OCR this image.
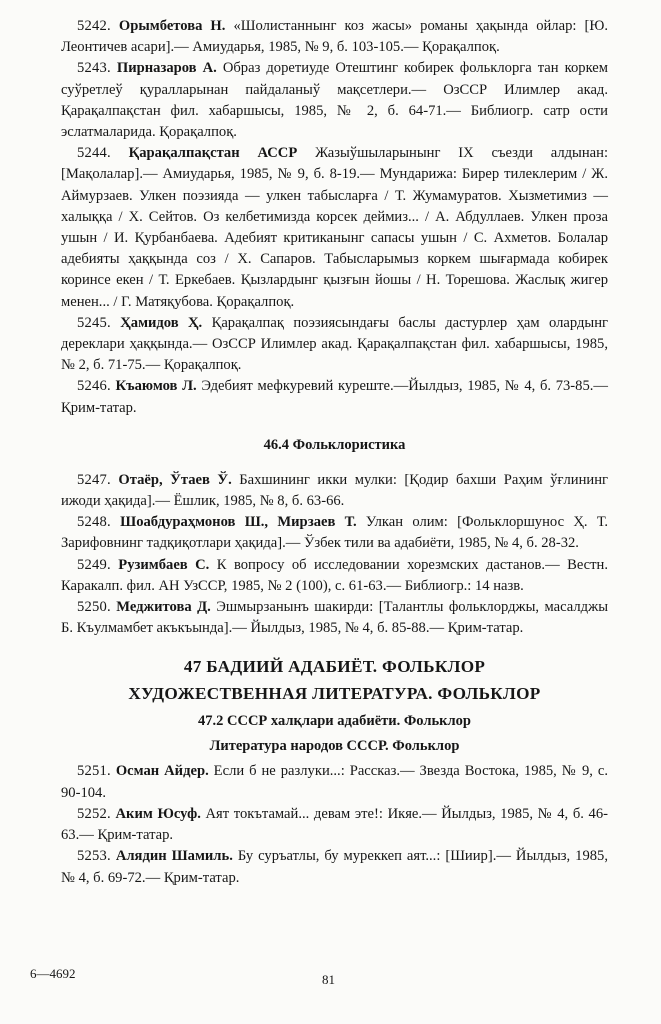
5242. Орымбетова Н. «Шолистаннынг коз жасы» романы ҳақында ойлар: [Ю. Леонтичев асари].— Амиударья, 1985, № 9, б. 103-105.— Қорақалпоқ.

5243. Пирназаров А. Образ доретиуде Отештинг кобирек фольклорга тан коркем суўретлеў қуралларынан пайдаланыў мақсетлери.— ОзССР Илимлер акад. Қарақалпақстан фил. хабаршысы, 1985, № 2, б. 64-71.— Библиогр. сатр ости эслатмаларида. Қорақалпоқ.

5244. Қарақалпақстан АССР Жазыўшыларынынг IX съезди алдынан: [Мақолалар].— Амиударья, 1985, № 9, б. 8-19.— Мундарижа: Бирер тилеклерим / Ж. Аймурзаев. Улкен поэзияда — улкен табысларға / Т. Жумамуратов. Хызметимиз — халыққа / Х. Сейтов. Оз келбетимизда корсек деймиз... / А. Абдуллаев. Улкен проза ушын / И. Қурбанбаева. Адебият критиканынг сапасы ушын / С. Ахметов. Болалар адебияты ҳаққында соз / Х. Сапаров. Табысларымыз коркем шығармада кобирек коринсе екен / Т. Еркебаев. Қызлардынг қызғын йошы / Н. Торешова. Жаслық жигер менен... / Г. Матяқубова. Қорақалпоқ.

5245. Ҳамидов Ҳ. Қарақалпақ поэзиясындағы баслы дастурлер ҳам олардынг дереклари ҳаққында.— ОзССР Илимлер акад. Қарақалпақстан фил. хабаршысы, 1985, № 2, б. 71-75.— Қорақалпоқ.

5246. Къаюмов Л. Эдебият мефкуревий куреште.—Йылдыз, 1985, № 4, б. 73-85.— Қрим-татар.

46.4 Фольклористика

5247. Отаёр, Ўтаев Ў. Бахшининг икки мулки: [Қодир бахши Раҳим ўғлининг ижоди ҳақида].— Ёшлик, 1985, № 8, б. 63-66.

5248. Шоабдураҳмонов Ш., Мирзаев Т. Улкан олим: [Фольклоршунос Ҳ. Т. Зарифовнинг тадқиқотлари ҳақида].— Ўзбек тили ва адабиёти, 1985, № 4, б. 28-32.

5249. Рузимбаев С. К вопросу об исследовании хорезмских дастанов.— Вестн. Каракалп. фил. АН УзССР, 1985, № 2 (100), с. 61-63.— Библиогр.: 14 назв.

5250. Меджитова Д. Эшмырзанынъ шакирди: [Талантлы фольклорджы, масалджы Б. Къулмамбет акъкъында].— Йылдыз, 1985, № 4, б. 85-88.— Қрим-татар.

47 БАДИИЙ АДАБИЁТ. ФОЛЬКЛОР

ХУДОЖЕСТВЕННАЯ ЛИТЕРАТУРА. ФОЛЬКЛОР

47.2 СССР халқлари адабиёти. Фольклор

Литература народов СССР. Фольклор

5251. Осман Айдер. Если б не разлуки...: Рассказ.— Звезда Востока, 1985, № 9, с. 90-104.

5252. Аким Юсуф. Аят токътамай... девам эте!: Икяе.— Йылдыз, 1985, № 4, б. 46-63.— Қрим-татар.

5253. Алядин Шамиль. Бу суръатлы, бу муреккеп аят...: [Шиир].— Йылдыз, 1985, № 4, б. 69-72.— Қрим-татар.

6—4692	81
